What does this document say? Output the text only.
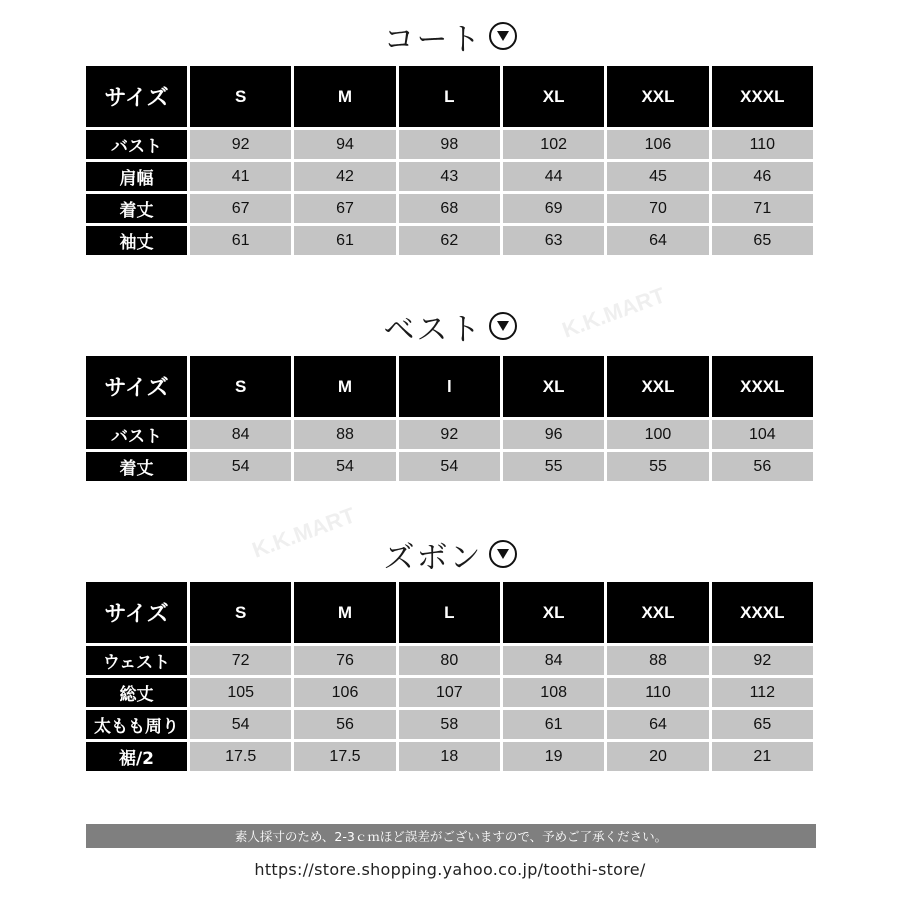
K.K.MART
K.K.MART
コート
サイズ	S	M	L	XL	XXL	XXXL
バスト	92	94	98	102	106	110
肩幅	41	42	43	44	45	46
着丈	67	67	68	69	70	71
袖丈	61	61	62	63	64	65
ベスト
サイズ	S	M	l	XL	XXL	XXXL
バスト	84	88	92	96	100	104
着丈	54	54	54	55	55	56
ズボン
サイズ	S	M	L	XL	XXL	XXXL
ウェスト	72	76	80	84	88	92
総丈	105	106	107	108	110	112
太もも周り	54	56	58	61	64	65
裾/2	17.5	17.5	18	19	20	21
素人採寸のため、2-3ｃｍほど誤差がございますので、予めご了承ください。
https://store.shopping.yahoo.co.jp/toothi-store/
